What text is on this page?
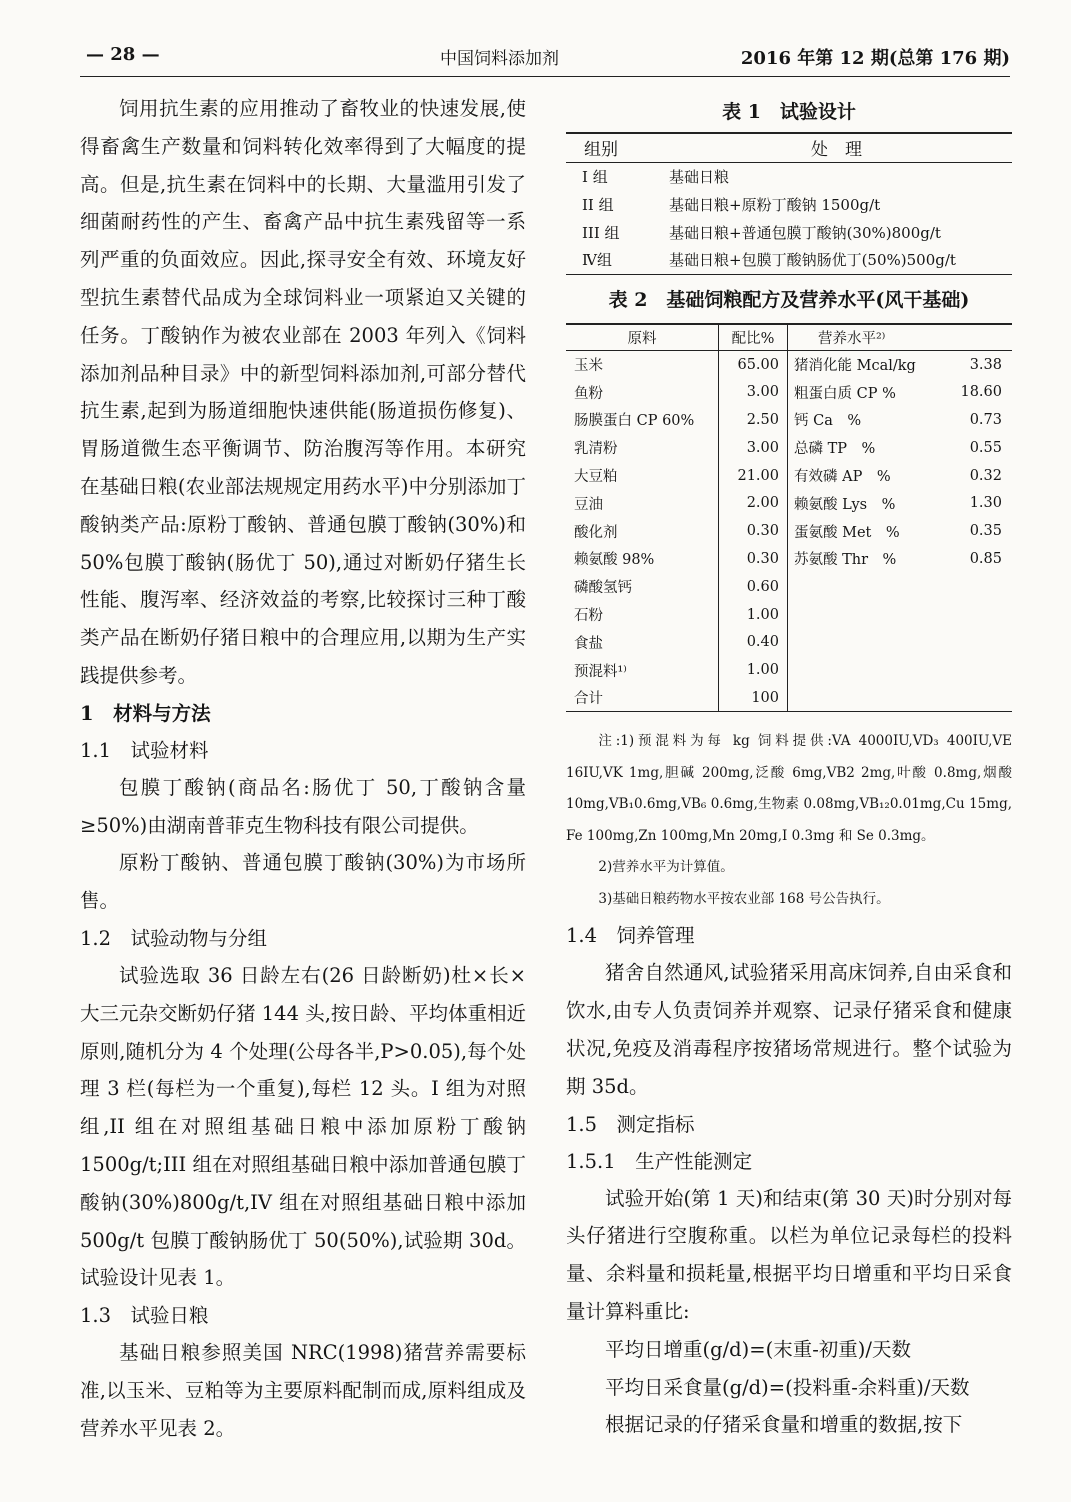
— 28 —	中国饲料添加剂	2016 年第 12 期(总第 176 期)
饲用抗生素的应用推动了畜牧业的快速发展,使得畜禽生产数量和饲料转化效率得到了大幅度的提高。但是,抗生素在饲料中的长期、大量滥用引发了细菌耐药性的产生、畜禽产品中抗生素残留等一系列严重的负面效应。因此,探寻安全有效、环境友好型抗生素替代品成为全球饲料业一项紧迫又关键的任务。丁酸钠作为被农业部在 2003 年列入《饲料添加剂品种目录》中的新型饲料添加剂,可部分替代抗生素,起到为肠道细胞快速供能(肠道损伤修复)、胃肠道微生态平衡调节、防治腹泻等作用。本研究在基础日粮(农业部法规规定用药水平)中分别添加丁酸钠类产品:原粉丁酸钠、普通包膜丁酸钠(30%)和 50%包膜丁酸钠(肠优丁 50),通过对断奶仔猪生长性能、腹泻率、经济效益的考察,比较探讨三种丁酸类产品在断奶仔猪日粮中的合理应用,以期为生产实践提供参考。
1　材料与方法
1.1　试验材料
包膜丁酸钠(商品名:肠优丁 50,丁酸钠含量≥50%)由湖南普菲克生物科技有限公司提供。
原粉丁酸钠、普通包膜丁酸钠(30%)为市场所售。
1.2　试验动物与分组
试验选取 36 日龄左右(26 日龄断奶)杜×长×大三元杂交断奶仔猪 144 头,按日龄、平均体重相近原则,随机分为 4 个处理(公母各半,P>0.05),每个处理 3 栏(每栏为一个重复),每栏 12 头。I 组为对照组,II 组在对照组基础日粮中添加原粉丁酸钠 1500g/t;III 组在对照组基础日粮中添加普通包膜丁酸钠(30%)800g/t,IV 组在对照组基础日粮中添加 500g/t 包膜丁酸钠肠优丁 50(50%),试验期 30d。试验设计见表 1。
1.3　试验日粮
基础日粮参照美国 NRC(1998)猪营养需要标准,以玉米、豆粕等为主要原料配制而成,原料组成及营养水平见表 2。
表 1　试验设计
组别	处　理
I 组	基础日粮
II 组	基础日粮+原粉丁酸钠 1500g/t
III 组	基础日粮+普通包膜丁酸钠(30%)800g/t
Ⅳ组	基础日粮+包膜丁酸钠肠优丁(50%)500g/t
表 2　基础饲粮配方及营养水平(风干基础)
原料	配比%	营养水平²⁾	
玉米	65.00	猪消化能 Mcal/kg	3.38
鱼粉	3.00	粗蛋白质 CP %	18.60
肠膜蛋白 CP 60%	2.50	钙 Ca　%	0.73
乳清粉	3.00	总磷 TP　%	0.55
大豆粕	21.00	有效磷 AP　%	0.32
豆油	2.00	赖氨酸 Lys　%	1.30
酸化剂	0.30	蛋氨酸 Met　%	0.35
赖氨酸 98%	0.30	苏氨酸 Thr　%	0.85
磷酸氢钙	0.60		
石粉	1.00		
食盐	0.40		
预混料¹⁾	1.00		
合计	100		
注:1)预混料为每 kg 饲料提供:VA 4000IU,VD₃ 400IU,VE 16IU,VK 1mg,胆碱 200mg,泛酸 6mg,VB2 2mg,叶酸 0.8mg,烟酸 10mg,VB₁0.6mg,VB₆ 0.6mg,生物素 0.08mg,VB₁₂0.01mg,Cu 15mg, Fe 100mg,Zn 100mg,Mn 20mg,I 0.3mg 和 Se 0.3mg。
2)营养水平为计算值。
3)基础日粮药物水平按农业部 168 号公告执行。
1.4　饲养管理
猪舍自然通风,试验猪采用高床饲养,自由采食和饮水,由专人负责饲养并观察、记录仔猪采食和健康状况,免疫及消毒程序按猪场常规进行。整个试验为期 35d。
1.5　测定指标
1.5.1　生产性能测定
试验开始(第 1 天)和结束(第 30 天)时分别对每头仔猪进行空腹称重。以栏为单位记录每栏的投料量、余料量和损耗量,根据平均日增重和平均日采食量计算料重比:
平均日增重(g/d)=(末重-初重)/天数
平均日采食量(g/d)=(投料重-余料重)/天数
根据记录的仔猪采食量和增重的数据,按下
